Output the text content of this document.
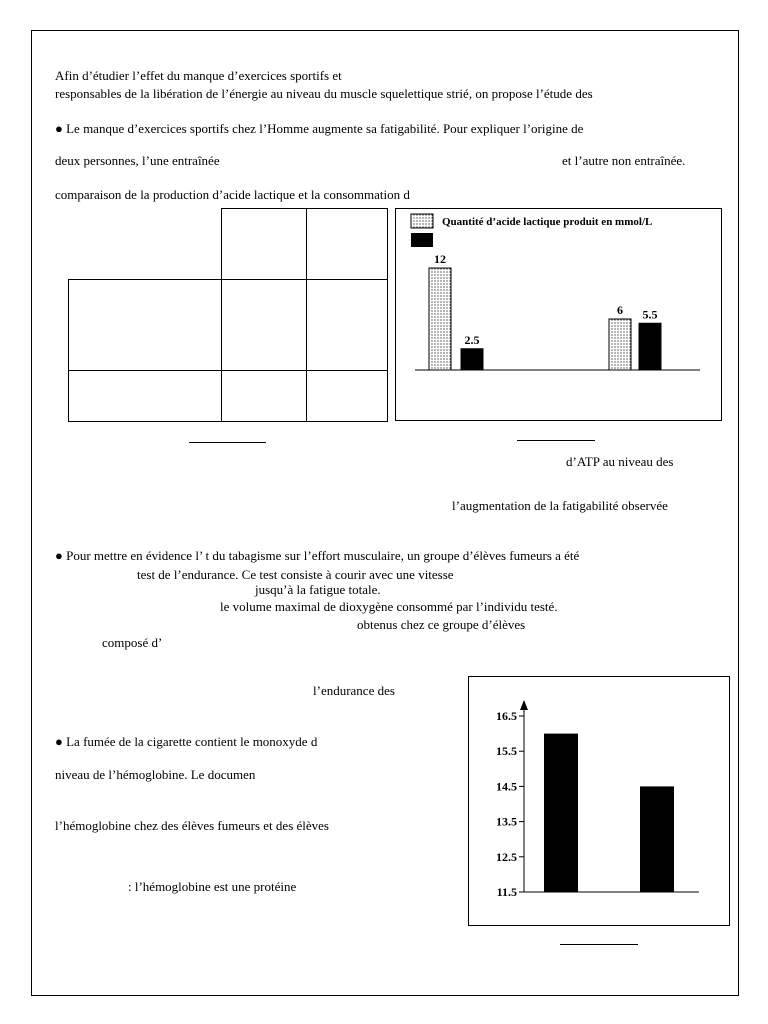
Afin d’étudier l’effet du manque d’exercices sportifs et
responsables de la libération de l’énergie au niveau du muscle squelettique strié, on propose l’étude des
● Le manque d’exercices sportifs chez l’Homme augmente sa fatigabilité. Pour expliquer l’origine de
deux personnes, l’une entraînée	et l’autre non entraînée.
comparaison de la production d’acide lactique et la consommation d

Quantité d’acide lactique produit en mmol/L
12
2.5
6 5.5
d’ATP au niveau des
l’augmentation de la fatigabilité observée
● Pour mettre en évidence l’ t du tabagisme sur l’effort musculaire, un groupe d’élèves fumeurs a été
test de l’endurance. Ce test consiste à courir avec une vitesse
jusqu’à la fatigue totale.
le volume maximal de dioxygène consommé par l’individu testé.
obtenus chez ce groupe d’élèves
composé d’
l’endurance des
● La fumée de la cigarette contient le monoxyde d
niveau de l’hémoglobine. Le documen
l’hémoglobine chez des élèves fumeurs et des élèves
: l’hémoglobine est une protéine	11.5
12.5
13.5
14.5
15.5
16.5
